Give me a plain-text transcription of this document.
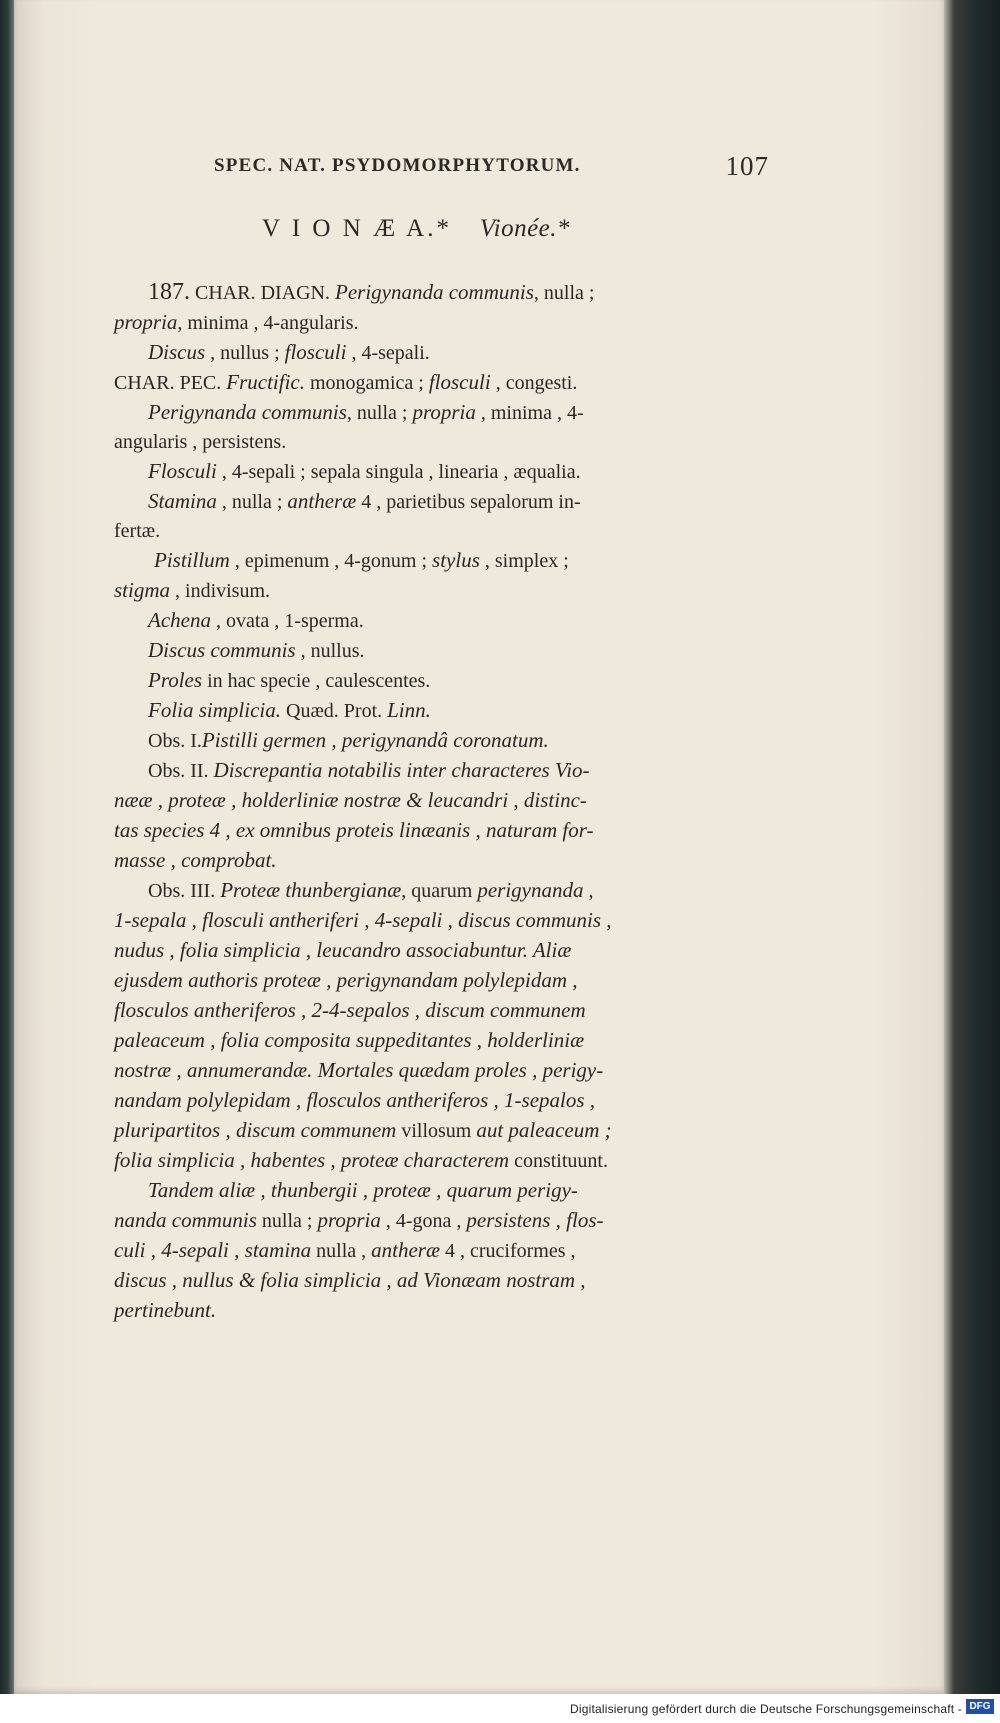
SPEC. NAT. PSYDOMORPHYTORUM.	107
V I O N Æ A.* Vionée.*

187. CHAR. DIAGN. Perigynanda communis, nulla ;

propria, minima , 4-angularis.

Discus , nullus ; flosculi , 4-sepali.

CHAR. PEC. Fructific. monogamica ; flosculi , congesti.

Perigynanda communis, nulla ; propria , minima , 4-

angularis , persistens.

Flosculi , 4-sepali ; sepala singula , linearia , æqualia.

Stamina , nulla ; antheræ 4 , parietibus sepalorum in-

fertæ.

Pistillum , epimenum , 4-gonum ; stylus , simplex ;

stigma , indivisum.

Achena , ovata , 1-sperma.

Discus communis , nullus.

Proles in hac specie , caulescentes.

Folia simplicia. Quæd. Prot. Linn.

Obs. I.Pistilli germen , perigynandâ coronatum.

Obs. II. Discrepantia notabilis inter characteres Vio-

nææ , proteæ , holderliniæ nostræ & leucandri , distinc-

tas species 4 , ex omnibus proteis linæanis , naturam for-

masse , comprobat.

Obs. III. Proteæ thunbergianæ, quarum perigynanda ,

1-sepala , flosculi antheriferi , 4-sepali , discus communis ,

nudus , folia simplicia , leucandro associabuntur. Aliæ

ejusdem authoris proteæ , perigynandam polylepidam ,

flosculos antheriferos , 2-4-sepalos , discum communem

paleaceum , folia composita suppeditantes , holderliniæ

nostræ , annumerandæ. Mortales quædam proles , perigy-

nandam polylepidam , flosculos antheriferos , 1-sepalos ,

pluripartitos , discum communem villosum aut paleaceum ;

folia simplicia , habentes , proteæ characterem constituunt.

Tandem aliæ , thunbergii , proteæ , quarum perigy-

nanda communis nulla ; propria , 4-gona , persistens , flos-

culi , 4-sepali , stamina nulla , antheræ 4 , cruciformes ,

discus , nullus & folia simplicia , ad Vionæam nostram ,

pertinebunt.

Digitalisierung gefördert durch die Deutsche Forschungsgemeinschaft - DFG
